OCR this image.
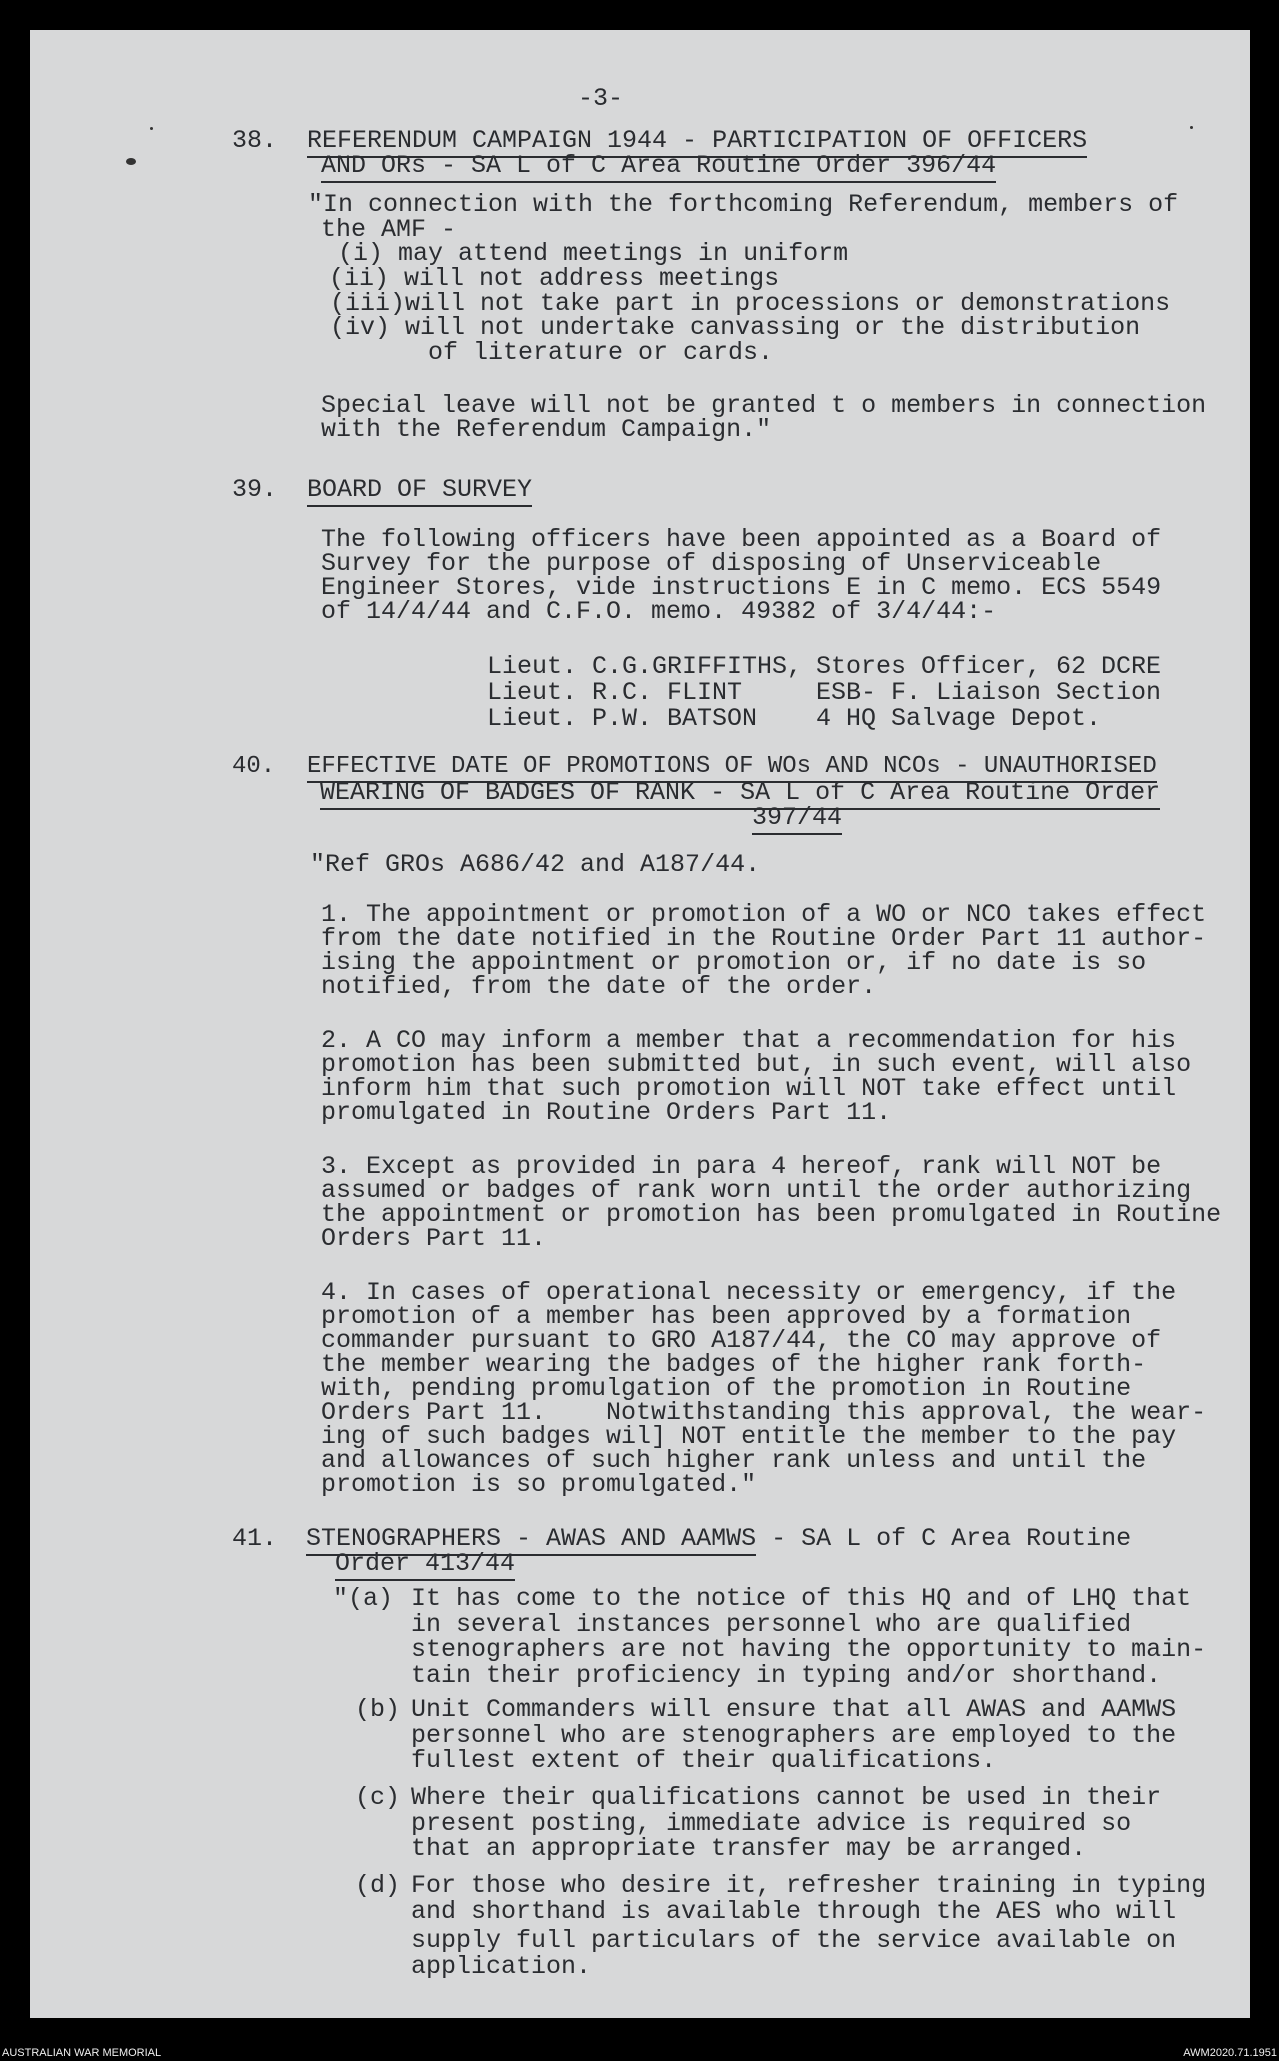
-3-
38. REFERENDUM CAMPAIGN 1944 - PARTICIPATION OF OFFICERS
AND ORs - SA L of C Area Routine Order 396/44
"In connection with the forthcoming Referendum, members of
the AMF -
(i) may attend meetings in uniform
(ii) will not address meetings
(iii)will not take part in processions or demonstrations
(iv) will not undertake canvassing or the distribution
of literature or cards.
Special leave will not be granted t o members in connection
with the Referendum Campaign."
39. BOARD OF SURVEY
The following officers have been appointed as a Board of
Survey for the purpose of disposing of Unserviceable
Engineer Stores, vide instructions E in C memo. ECS 5549
of 14/4/44 and C.F.O. memo. 49382 of 3/4/44:-
Lieut. C.G.GRIFFITHS, Stores Officer, 62 DCRE
Lieut. R.C. FLINT	ESB- F. Liaison Section
Lieut. P.W. BATSON 4 HQ Salvage Depot.
40. EFFECTIVE DATE OF PROMOTIONS OF WOs AND NCOs - UNAUTHORISED
WEARING OF BADGES OF RANK - SA L of C Area Routine Order
397/44
"Ref GROs A686/42 and A187/44.
1. The appointment or promotion of a WO or NCO takes effect
from the date notified in the Routine Order Part 11 author-
ising the appointment or promotion or, if no date is so
notified, from the date of the order.
2. A CO may inform a member that a recommendation for his
promotion has been submitted but, in such event, will also
inform him that such promotion will NOT take effect until
promulgated in Routine Orders Part 11.
3. Except as provided in para 4 hereof, rank will NOT be
assumed or badges of rank worn until the order authorizing
the appointment or promotion has been promulgated in Routine
Orders Part 11.
4. In cases of operational necessity or emergency, if the
promotion of a member has been approved by a formation
commander pursuant to GRO A187/44, the CO may approve of
the member wearing the badges of the higher rank forth-
with, pending promulgation of the promotion in Routine
Orders Part 11.    Notwithstanding this approval, the wear-
ing of such badges wil] NOT entitle the member to the pay
and allowances of such higher rank unless and until the
promotion is so promulgated."
41. STENOGRAPHERS - AWAS AND AAMWS - SA L of C Area Routine
Order 413/44
"(a) It has come to the notice of this HQ and of LHQ that
in several instances personnel who are qualified
stenographers are not having the opportunity to main-
tain their proficiency in typing and/or shorthand.
(b) Unit Commanders will ensure that all AWAS and AAMWS
personnel who are stenographers are employed to the
fullest extent of their qualifications.
(c) Where their qualifications cannot be used in their
present posting, immediate advice is required so
that an appropriate transfer may be arranged.
(d) For those who desire it, refresher training in typing
and shorthand is available through the AES who will
supply full particulars of the service available on
application.
AUSTRALIAN WAR MEMORIAL	AWM2020.71.1951
